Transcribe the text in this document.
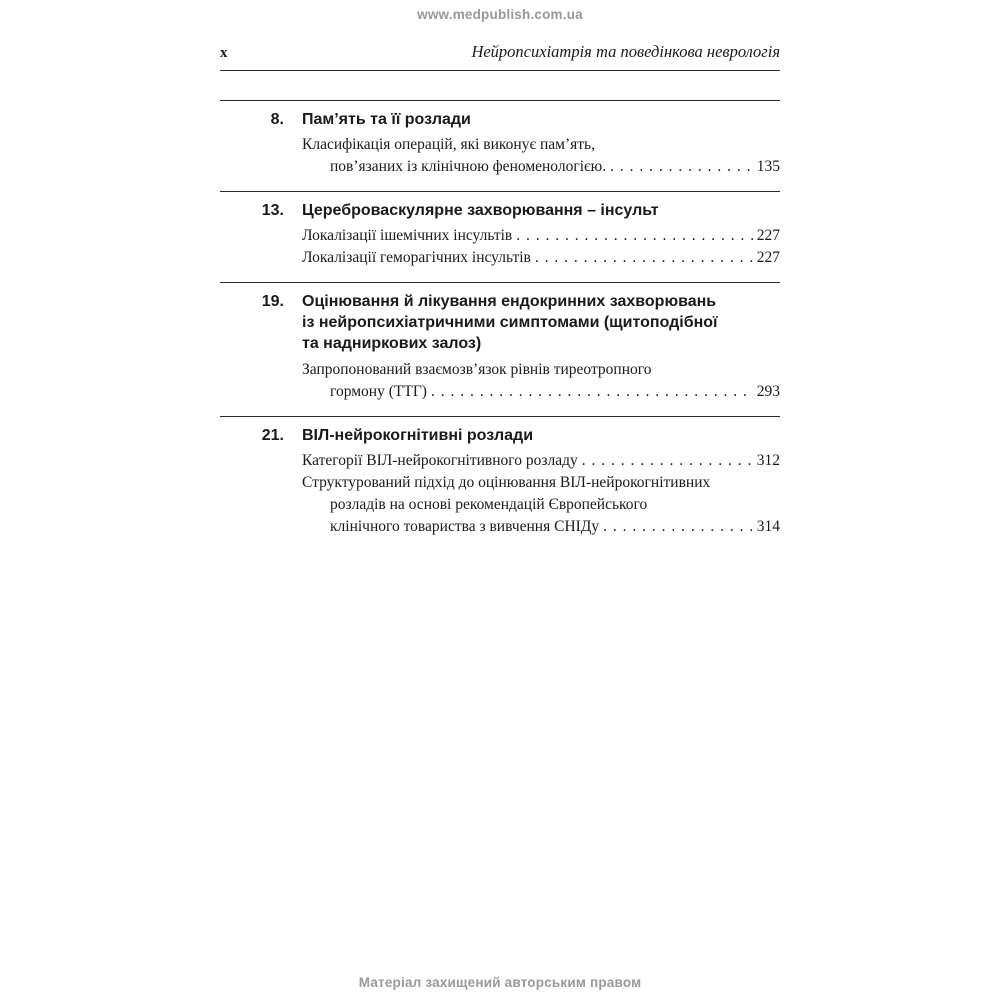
www.medpublish.com.ua
х	Нейропсихіатрія та поведінкова неврологія
8.	Пам’ять та її розлади
Класифікація операцій, які виконує пам’ять,
пов’язаних із клінічною феноменологією. . . .	135
13.	Цереброваскулярне захворювання – інсульт
Локалізації ішемічних інсультів . . .	227
Локалізації геморагічних інсультів . . .	227
19.	Оцінювання й лікування ендокринних захворювань
із нейропсихіатричними симптомами (щитоподібної
та надниркових залоз)
Запропонований взаємозв’язок рівнів тиреотропного
гормону (ТТГ) . . .	293
21.	ВІЛ-нейрокогнітивні розлади
Категорії ВІЛ-нейрокогнітивного розладу . . .	312
Структурований підхід до оцінювання ВІЛ-нейрокогнітивних
розладів на основі рекомендацій Європейського
клінічного товариства з вивчення СНІДу . . .	314
Матеріал захищений авторським правом
